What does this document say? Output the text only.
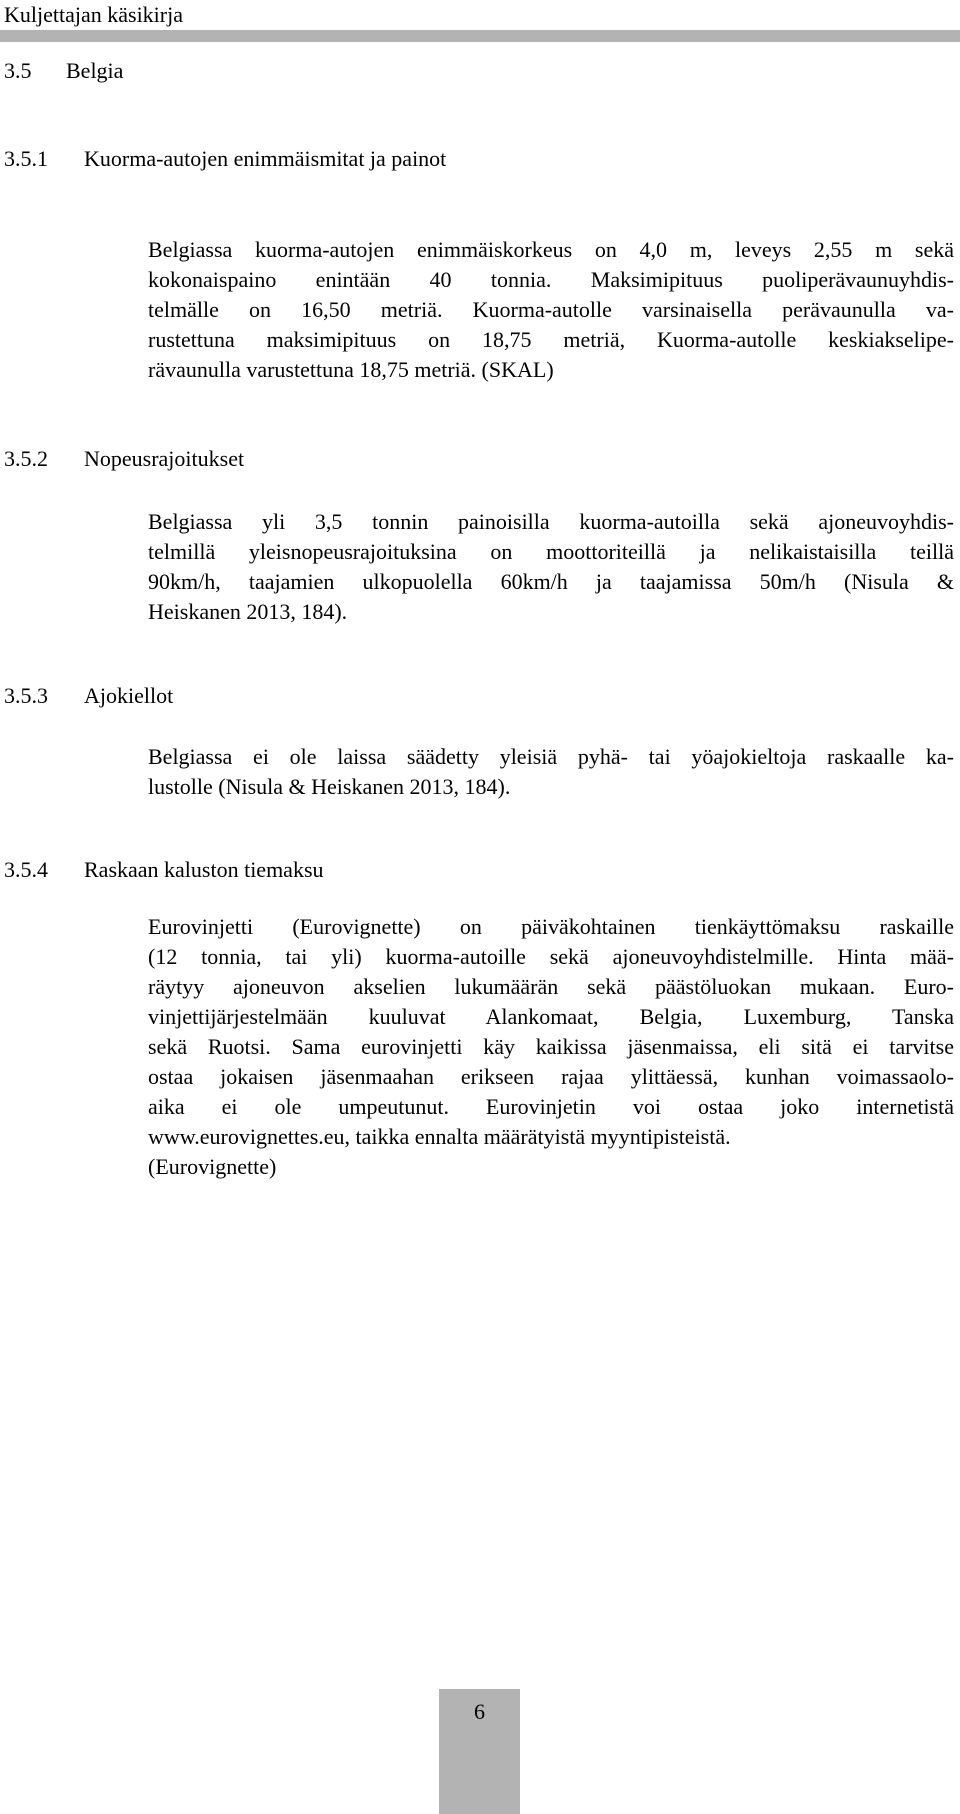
Kuljettajan käsikirja
3.5 Belgia
3.5.1 Kuorma-autojen enimmäismitat ja painot
Belgiassa kuorma-autojen enimmäiskorkeus on 4,0 m, leveys 2,55 m sekä
kokonaispaino enintään 40 tonnia. Maksimipituus puoliperävaunuyhdis-
telmälle on 16,50 metriä. Kuorma-autolle varsinaisella perävaunulla va-
rustettuna maksimipituus on 18,75 metriä, Kuorma-autolle keskiakselipe-
rävaunulla varustettuna 18,75 metriä. (SKAL)
3.5.2 Nopeusrajoitukset
Belgiassa yli 3,5 tonnin painoisilla kuorma-autoilla sekä ajoneuvoyhdis-
telmillä yleisnopeusrajoituksina on moottoriteillä ja nelikaistaisilla teillä
90km/h, taajamien ulkopuolella 60km/h ja taajamissa 50m/h (Nisula &
Heiskanen 2013, 184).
3.5.3 Ajokiellot
Belgiassa ei ole laissa säädetty yleisiä pyhä- tai yöajokieltoja raskaalle ka-
lustolle (Nisula & Heiskanen 2013, 184).
3.5.4 Raskaan kaluston tiemaksu
Eurovinjetti (Eurovignette) on päiväkohtainen tienkäyttömaksu raskaille
(12 tonnia, tai yli) kuorma-autoille sekä ajoneuvoyhdistelmille. Hinta mää-
räytyy ajoneuvon akselien lukumäärän sekä päästöluokan mukaan. Euro-
vinjettijärjestelmään kuuluvat Alankomaat, Belgia, Luxemburg, Tanska
sekä Ruotsi. Sama eurovinjetti käy kaikissa jäsenmaissa, eli sitä ei tarvitse
ostaa jokaisen jäsenmaahan erikseen rajaa ylittäessä, kunhan voimassaolo-
aika ei ole umpeutunut. Eurovinjetin voi ostaa joko internetistä
www.eurovignettes.eu, taikka ennalta määrätyistä myyntipisteistä.
(Eurovignette)
6
